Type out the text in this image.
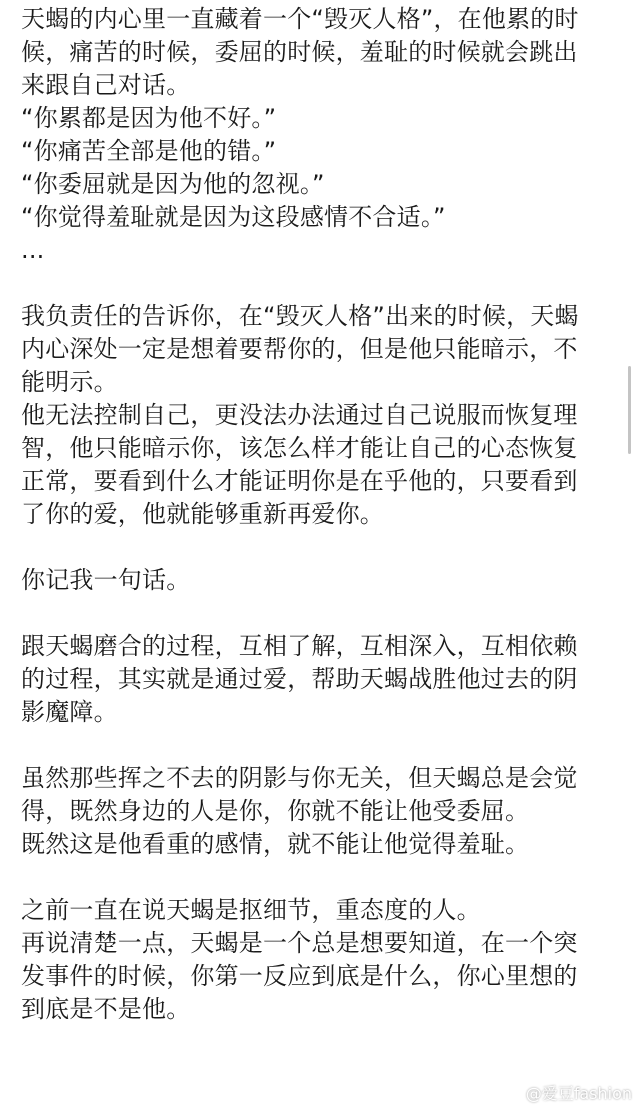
天蝎的内心里一直藏着一个“毁灭人格”，在他累的时
候，痛苦的时候，委屈的时候，羞耻的时候就会跳出
来跟自己对话。
“你累都是因为他不好。”
“你痛苦全部是他的错。”
“你委屈就是因为他的忽视。”
“你觉得羞耻就是因为这段感情不合适。”
...
我负责任的告诉你，在“毁灭人格”出来的时候，天蝎
内心深处一定是想着要帮你的，但是他只能暗示，不
能明示。
他无法控制自己，更没法办法通过自己说服而恢复理
智，他只能暗示你，该怎么样才能让自己的心态恢复
正常，要看到什么才能证明你是在乎他的，只要看到
了你的爱，他就能够重新再爱你。
你记我一句话。
跟天蝎磨合的过程，互相了解，互相深入，互相依赖
的过程，其实就是通过爱，帮助天蝎战胜他过去的阴
影魔障。
虽然那些挥之不去的阴影与你无关，但天蝎总是会觉
得，既然身边的人是你，你就不能让他受委屈。
既然这是他看重的感情，就不能让他觉得羞耻。
之前一直在说天蝎是抠细节，重态度的人。
再说清楚一点，天蝎是一个总是想要知道，在一个突
发事件的时候，你第一反应到底是什么，你心里想的
到底是不是他。
@爱豆fashion
